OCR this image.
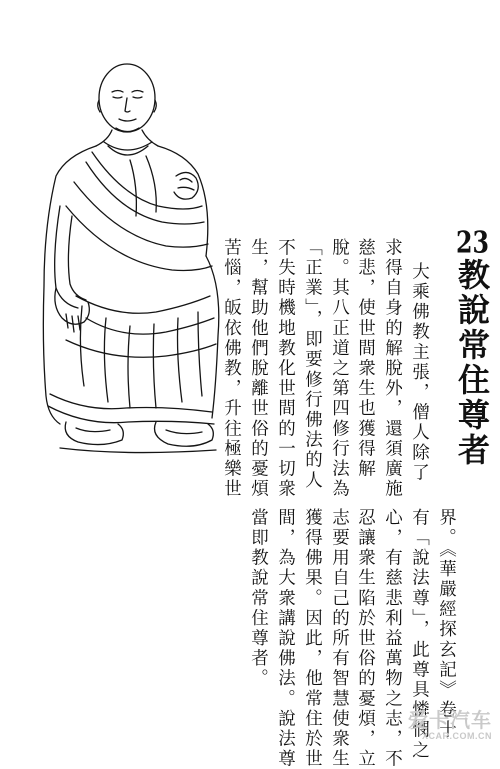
23教說常住尊者
大乘佛教主張，僧人除了
求得自身的解脫外，還須廣施
慈悲，使世間衆生也獲得解
脫。其八正道之第四修行法為
「正業」，即要修行佛法的人
不失時機地教化世間的一切衆
生，幫助他們脫離世俗的憂煩
苦惱，皈依佛教，升往極樂世
界。《華嚴經探玄記》卷十
有「說法尊」，此尊具憐憫之
心，有慈悲利益萬物之志，不
忍讓衆生陷於世俗的憂煩，立
志要用自己的所有智慧使衆生
獲得佛果。因此，他常住於世
間，為大衆講說佛法。說法尊
當即教說常住尊者。
爱卡汽车
XCAR.COM.CN
